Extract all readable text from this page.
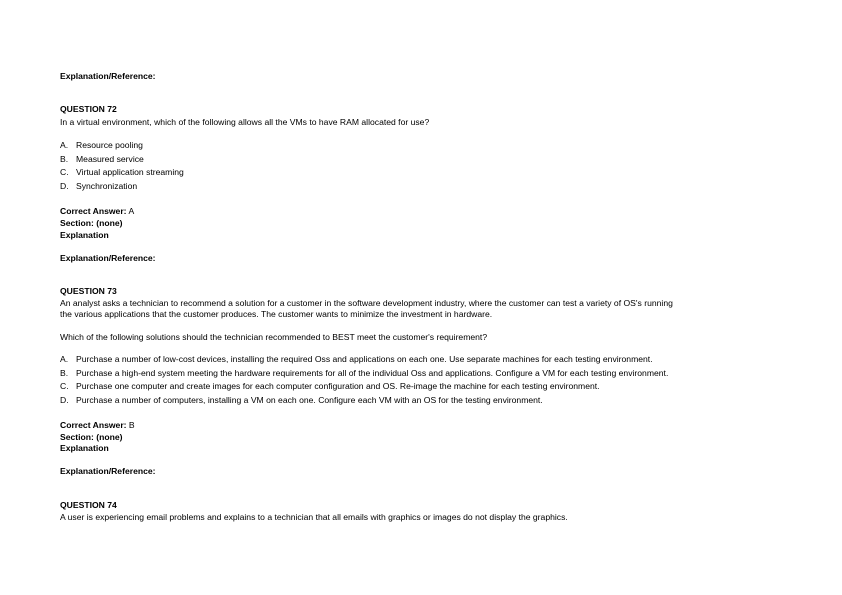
Explanation/Reference:
QUESTION 72
In a virtual environment, which of the following allows all the VMs to have RAM allocated for use?
A. Resource pooling
B. Measured service
C. Virtual application streaming
D. Synchronization
Correct Answer: A
Section: (none)
Explanation
Explanation/Reference:
QUESTION 73
An analyst asks a technician to recommend a solution for a customer in the software development industry, where the customer can test a variety of OS's running
the various applications that the customer produces. The customer wants to minimize the investment in hardware.
Which of the following solutions should the technician recommended to BEST meet the customer's requirement?
A. Purchase a number of low-cost devices, installing the required Oss and applications on each one. Use separate machines for each testing environment.
B. Purchase a high-end system meeting the hardware requirements for all of the individual Oss and applications. Configure a VM for each testing environment.
C. Purchase one computer and create images for each computer configuration and OS. Re-image the machine for each testing environment.
D. Purchase a number of computers, installing a VM on each one. Configure each VM with an OS for the testing environment.
Correct Answer: B
Section: (none)
Explanation
Explanation/Reference:
QUESTION 74
A user is experiencing email problems and explains to a technician that all emails with graphics or images do not display the graphics.
